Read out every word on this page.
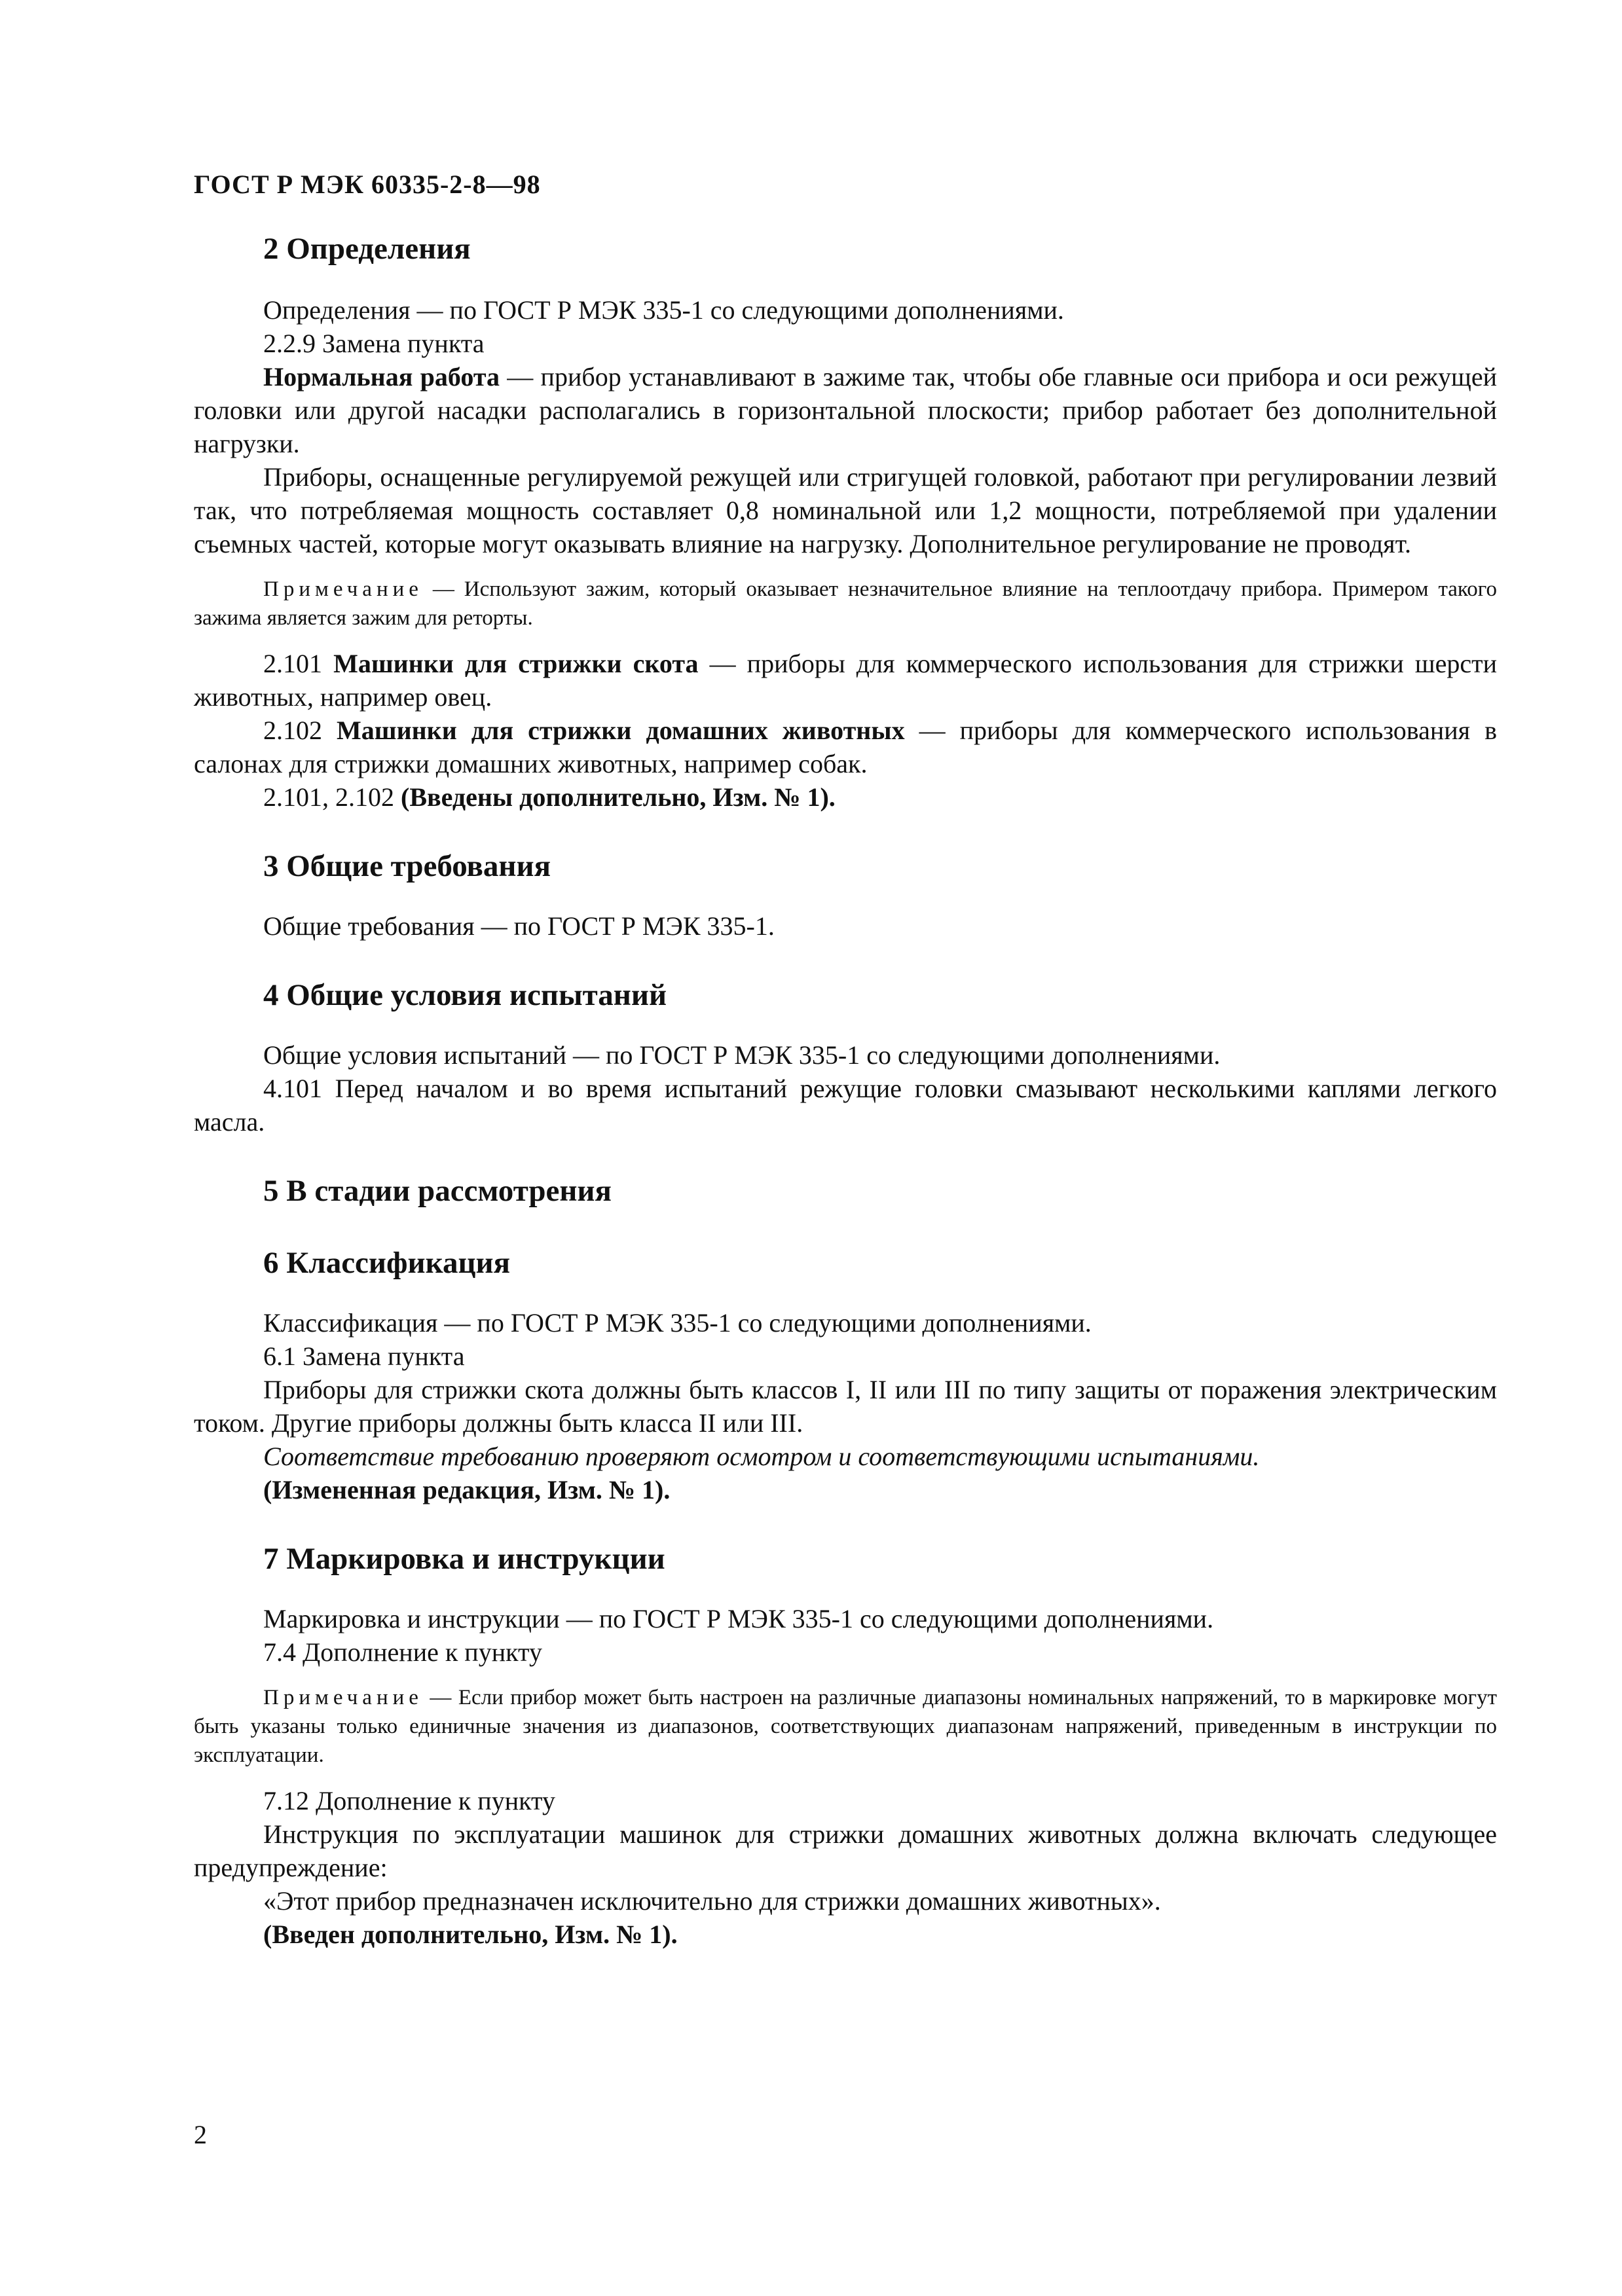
ГОСТ Р МЭК 60335-2-8—98
2 Определения

Определения — по ГОСТ Р МЭК 335-1 со следующими дополнениями.

2.2.9 Замена пункта

Нормальная работа — прибор устанавливают в зажиме так, чтобы обе главные оси прибора и оси режущей головки или другой насадки располагались в горизонтальной плоскости; прибор работает без дополнительной нагрузки.

Приборы, оснащенные регулируемой режущей или стригущей головкой, работают при регулировании лезвий так, что потребляемая мощность составляет 0,8 номинальной или 1,2 мощности, потребляемой при удалении съемных частей, которые могут оказывать влияние на нагрузку. Дополнительное регулирование не проводят.

Примечание — Используют зажим, который оказывает незначительное влияние на теплоотдачу прибора. Примером такого зажима является зажим для реторты.

2.101 Машинки для стрижки скота — приборы для коммерческого использования для стрижки шерсти животных, например овец.

2.102 Машинки для стрижки домашних животных — приборы для коммерческого использования в салонах для стрижки домашних животных, например собак.

2.101, 2.102 (Введены дополнительно, Изм. № 1).

3 Общие требования

Общие требования — по ГОСТ Р МЭК 335-1.

4 Общие условия испытаний

Общие условия испытаний — по ГОСТ Р МЭК 335-1 со следующими дополнениями.

4.101 Перед началом и во время испытаний режущие головки смазывают несколькими каплями легкого масла.

5 В стадии рассмотрения
6 Классификация

Классификация — по ГОСТ Р МЭК 335-1 со следующими дополнениями.

6.1 Замена пункта

Приборы для стрижки скота должны быть классов I, II или III по типу защиты от поражения электрическим током. Другие приборы должны быть класса II или III.

Соответствие требованию проверяют осмотром и соответствующими испытаниями.

(Измененная редакция, Изм. № 1).

7 Маркировка и инструкции

Маркировка и инструкции — по ГОСТ Р МЭК 335-1 со следующими дополнениями.

7.4 Дополнение к пункту

Примечание — Если прибор может быть настроен на различные диапазоны номинальных напряжений, то в маркировке могут быть указаны только единичные значения из диапазонов, соответствующих диапазонам напряжений, приведенным в инструкции по эксплуатации.

7.12 Дополнение к пункту

Инструкция по эксплуатации машинок для стрижки домашних животных должна включать следующее предупреждение:

«Этот прибор предназначен исключительно для стрижки домашних животных».

(Введен дополнительно, Изм. № 1).

2
